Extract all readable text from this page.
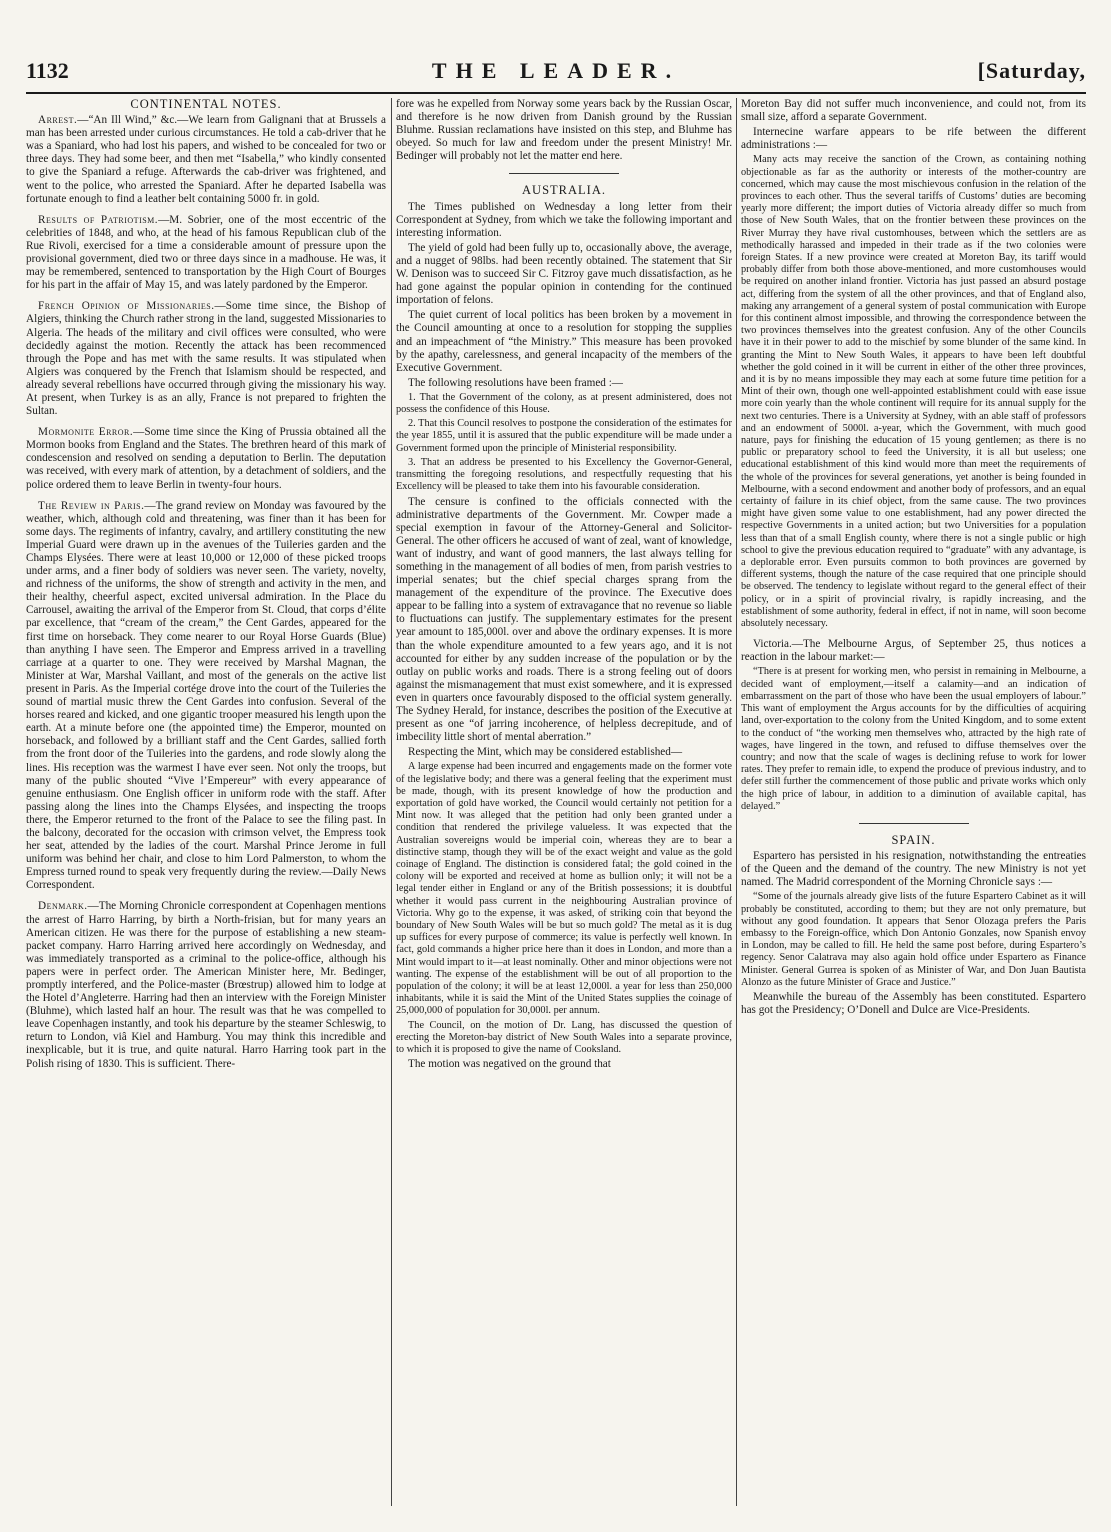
1132	THE LEADER.	[Saturday,
CONTINENTAL NOTES.

Arrest.—“An Ill Wind,” &c.—We learn from Galignani that at Brussels a man has been arrested under curious circumstances. He told a cab-driver that he was a Spaniard, who had lost his papers, and wished to be concealed for two or three days. They had some beer, and then met “Isabella,” who kindly consented to give the Spaniard a refuge. Afterwards the cab-driver was frightened, and went to the police, who arrested the Spaniard. After he departed Isabella was fortunate enough to find a leather belt containing 5000 fr. in gold.

Results of Patriotism.—M. Sobrier, one of the most eccentric of the celebrities of 1848, and who, at the head of his famous Republican club of the Rue Rivoli, exercised for a time a considerable amount of pressure upon the provisional government, died two or three days since in a madhouse. He was, it may be remembered, sentenced to transportation by the High Court of Bourges for his part in the affair of May 15, and was lately pardoned by the Emperor.

French Opinion of Missionaries.—Some time since, the Bishop of Algiers, thinking the Church rather strong in the land, suggested Missionaries to Algeria. The heads of the military and civil offices were consulted, who were decidedly against the motion. Recently the attack has been recommenced through the Pope and has met with the same results. It was stipulated when Algiers was conquered by the French that Islamism should be respected, and already several rebellions have occurred through giving the missionary his way. At present, when Turkey is as an ally, France is not prepared to frighten the Sultan.

Mormonite Error.—Some time since the King of Prussia obtained all the Mormon books from England and the States. The brethren heard of this mark of condescension and resolved on sending a deputation to Berlin. The deputation was received, with every mark of attention, by a detachment of soldiers, and the police ordered them to leave Berlin in twenty-four hours.

The Review in Paris.—The grand review on Monday was favoured by the weather, which, although cold and threatening, was finer than it has been for some days. The regiments of infantry, cavalry, and artillery constituting the new Imperial Guard were drawn up in the avenues of the Tuileries garden and the Champs Elysées. There were at least 10,000 or 12,000 of these picked troops under arms, and a finer body of soldiers was never seen. The variety, novelty, and richness of the uniforms, the show of strength and activity in the men, and their healthy, cheerful aspect, excited universal admiration. In the Place du Carrousel, awaiting the arrival of the Emperor from St. Cloud, that corps d’élite par excellence, that “cream of the cream,” the Cent Gardes, appeared for the first time on horseback. They come nearer to our Royal Horse Guards (Blue) than anything I have seen. The Emperor and Empress arrived in a travelling carriage at a quarter to one. They were received by Marshal Magnan, the Minister at War, Marshal Vaillant, and most of the generals on the active list present in Paris. As the Imperial cortége drove into the court of the Tuileries the sound of martial music threw the Cent Gardes into confusion. Several of the horses reared and kicked, and one gigantic trooper measured his length upon the earth. At a minute before one (the appointed time) the Emperor, mounted on horseback, and followed by a brilliant staff and the Cent Gardes, sallied forth from the front door of the Tuileries into the gardens, and rode slowly along the lines. His reception was the warmest I have ever seen. Not only the troops, but many of the public shouted “Vive l’Empereur” with every appearance of genuine enthusiasm. One English officer in uniform rode with the staff. After passing along the lines into the Champs Elysées, and inspecting the troops there, the Emperor returned to the front of the Palace to see the filing past. In the balcony, decorated for the occasion with crimson velvet, the Empress took her seat, attended by the ladies of the court. Marshal Prince Jerome in full uniform was behind her chair, and close to him Lord Palmerston, to whom the Empress turned round to speak very frequently during the review.—Daily News Correspondent.

Denmark.—The Morning Chronicle correspondent at Copenhagen mentions the arrest of Harro Harring, by birth a North-frisian, but for many years an American citizen. He was there for the purpose of establishing a new steam-packet company. Harro Harring arrived here accordingly on Wednesday, and was immediately transported as a criminal to the police-office, although his papers were in perfect order. The American Minister here, Mr. Bedinger, promptly interfered, and the Police-master (Brœstrup) allowed him to lodge at the Hotel d’Angleterre. Harring had then an interview with the Foreign Minister (Bluhme), which lasted half an hour. The result was that he was compelled to leave Copenhagen instantly, and took his departure by the steamer Schleswig, to return to London, viâ Kiel and Hamburg. You may think this incredible and inexplicable, but it is true, and quite natural. Harro Harring took part in the Polish rising of 1830. This is sufficient. There-

fore was he expelled from Norway some years back by the Russian Oscar, and therefore is he now driven from Danish ground by the Russian Bluhme. Russian reclamations have insisted on this step, and Bluhme has obeyed. So much for law and freedom under the present Ministry! Mr. Bedinger will probably not let the matter end here.

AUSTRALIA.

The Times published on Wednesday a long letter from their Correspondent at Sydney, from which we take the following important and interesting information.

The yield of gold had been fully up to, occasionally above, the average, and a nugget of 98lbs. had been recently obtained. The statement that Sir W. Denison was to succeed Sir C. Fitzroy gave much dissatisfaction, as he had gone against the popular opinion in contending for the continued importation of felons.

The quiet current of local politics has been broken by a movement in the Council amounting at once to a resolution for stopping the supplies and an impeachment of “the Ministry.” This measure has been provoked by the apathy, carelessness, and general incapacity of the members of the Executive Government.

The following resolutions have been framed :—

1. That the Government of the colony, as at present administered, does not possess the confidence of this House.

2. That this Council resolves to postpone the consideration of the estimates for the year 1855, until it is assured that the public expenditure will be made under a Government formed upon the principle of Ministerial responsibility.

3. That an address be presented to his Excellency the Governor-General, transmitting the foregoing resolutions, and respectfully requesting that his Excellency will be pleased to take them into his favourable consideration.

The censure is confined to the officials connected with the administrative departments of the Government. Mr. Cowper made a special exemption in favour of the Attorney-General and Solicitor-General. The other officers he accused of want of zeal, want of knowledge, want of industry, and want of good manners, the last always telling for something in the management of all bodies of men, from parish vestries to imperial senates; but the chief special charges sprang from the management of the expenditure of the province. The Executive does appear to be falling into a system of extravagance that no revenue so liable to fluctuations can justify. The supplementary estimates for the present year amount to 185,000l. over and above the ordinary expenses. It is more than the whole expenditure amounted to a few years ago, and it is not accounted for either by any sudden increase of the population or by the outlay on public works and roads. There is a strong feeling out of doors against the mismanagement that must exist somewhere, and it is expressed even in quarters once favourably disposed to the official system generally. The Sydney Herald, for instance, describes the position of the Executive at present as one “of jarring incoherence, of helpless decrepitude, and of imbecility little short of mental aberration.”

Respecting the Mint, which may be considered established—

A large expense had been incurred and engagements made on the former vote of the legislative body; and there was a general feeling that the experiment must be made, though, with its present knowledge of how the production and exportation of gold have worked, the Council would certainly not petition for a Mint now. It was alleged that the petition had only been granted under a condition that rendered the privilege valueless. It was expected that the Australian sovereigns would be imperial coin, whereas they are to bear a distinctive stamp, though they will be of the exact weight and value as the gold coinage of England. The distinction is considered fatal; the gold coined in the colony will be exported and received at home as bullion only; it will not be a legal tender either in England or any of the British possessions; it is doubtful whether it would pass current in the neighbouring Australian province of Victoria. Why go to the expense, it was asked, of striking coin that beyond the boundary of New South Wales will be but so much gold? The metal as it is dug up suffices for every purpose of commerce; its value is perfectly well known. In fact, gold commands a higher price here than it does in London, and more than a Mint would impart to it—at least nominally. Other and minor objections were not wanting. The expense of the establishment will be out of all proportion to the population of the colony; it will be at least 12,000l. a year for less than 250,000 inhabitants, while it is said the Mint of the United States supplies the coinage of 25,000,000 of population for 30,000l. per annum.

The Council, on the motion of Dr. Lang, has discussed the question of erecting the Moreton-bay district of New South Wales into a separate province, to which it is proposed to give the name of Cooksland.

The motion was negatived on the ground that

Moreton Bay did not suffer much inconvenience, and could not, from its small size, afford a separate Government.

Internecine warfare appears to be rife between the different administrations :—

Many acts may receive the sanction of the Crown, as containing nothing objectionable as far as the authority or interests of the mother-country are concerned, which may cause the most mischievous confusion in the relation of the provinces to each other. Thus the several tariffs of Customs’ duties are becoming yearly more different; the import duties of Victoria already differ so much from those of New South Wales, that on the frontier between these provinces on the River Murray they have rival customhouses, between which the settlers are as methodically harassed and impeded in their trade as if the two colonies were foreign States. If a new province were created at Moreton Bay, its tariff would probably differ from both those above-mentioned, and more customhouses would be required on another inland frontier. Victoria has just passed an absurd postage act, differing from the system of all the other provinces, and that of England also, making any arrangement of a general system of postal communication with Europe for this continent almost impossible, and throwing the correspondence between the two provinces themselves into the greatest confusion. Any of the other Councils have it in their power to add to the mischief by some blunder of the same kind. In granting the Mint to New South Wales, it appears to have been left doubtful whether the gold coined in it will be current in either of the other three provinces, and it is by no means impossible they may each at some future time petition for a Mint of their own, though one well-appointed establishment could with ease issue more coin yearly than the whole continent will require for its annual supply for the next two centuries. There is a University at Sydney, with an able staff of professors and an endowment of 5000l. a-year, which the Government, with much good nature, pays for finishing the education of 15 young gentlemen; as there is no public or preparatory school to feed the University, it is all but useless; one educational establishment of this kind would more than meet the requirements of the whole of the provinces for several generations, yet another is being founded in Melbourne, with a second endowment and another body of professors, and an equal certainty of failure in its chief object, from the same cause. The two provinces might have given some value to one establishment, had any power directed the respective Governments in a united action; but two Universities for a population less than that of a small English county, where there is not a single public or high school to give the previous education required to “graduate” with any advantage, is a deplorable error. Even pursuits common to both provinces are governed by different systems, though the nature of the case required that one principle should be observed. The tendency to legislate without regard to the general effect of their policy, or in a spirit of provincial rivalry, is rapidly increasing, and the establishment of some authority, federal in effect, if not in name, will soon become absolutely necessary.

Victoria.—The Melbourne Argus, of September 25, thus notices a reaction in the labour market:—

“There is at present for working men, who persist in remaining in Melbourne, a decided want of employment,—itself a calamity—and an indication of embarrassment on the part of those who have been the usual employers of labour.” This want of employment the Argus accounts for by the difficulties of acquiring land, over-exportation to the colony from the United Kingdom, and to some extent to the conduct of “the working men themselves who, attracted by the high rate of wages, have lingered in the town, and refused to diffuse themselves over the country; and now that the scale of wages is declining refuse to work for lower rates. They prefer to remain idle, to expend the produce of previous industry, and to defer still further the commencement of those public and private works which only the high price of labour, in addition to a diminution of available capital, has delayed.”

SPAIN.

Espartero has persisted in his resignation, notwithstanding the entreaties of the Queen and the demand of the country. The new Ministry is not yet named. The Madrid correspondent of the Morning Chronicle says :—

“Some of the journals already give lists of the future Espartero Cabinet as it will probably be constituted, according to them; but they are not only premature, but without any good foundation. It appears that Senor Olozaga prefers the Paris embassy to the Foreign-office, which Don Antonio Gonzales, now Spanish envoy in London, may be called to fill. He held the same post before, during Espartero’s regency. Senor Calatrava may also again hold office under Espartero as Finance Minister. General Gurrea is spoken of as Minister of War, and Don Juan Bautista Alonzo as the future Minister of Grace and Justice.”

Meanwhile the bureau of the Assembly has been constituted. Espartero has got the Presidency; O’Donell and Dulce are Vice-Presidents.
